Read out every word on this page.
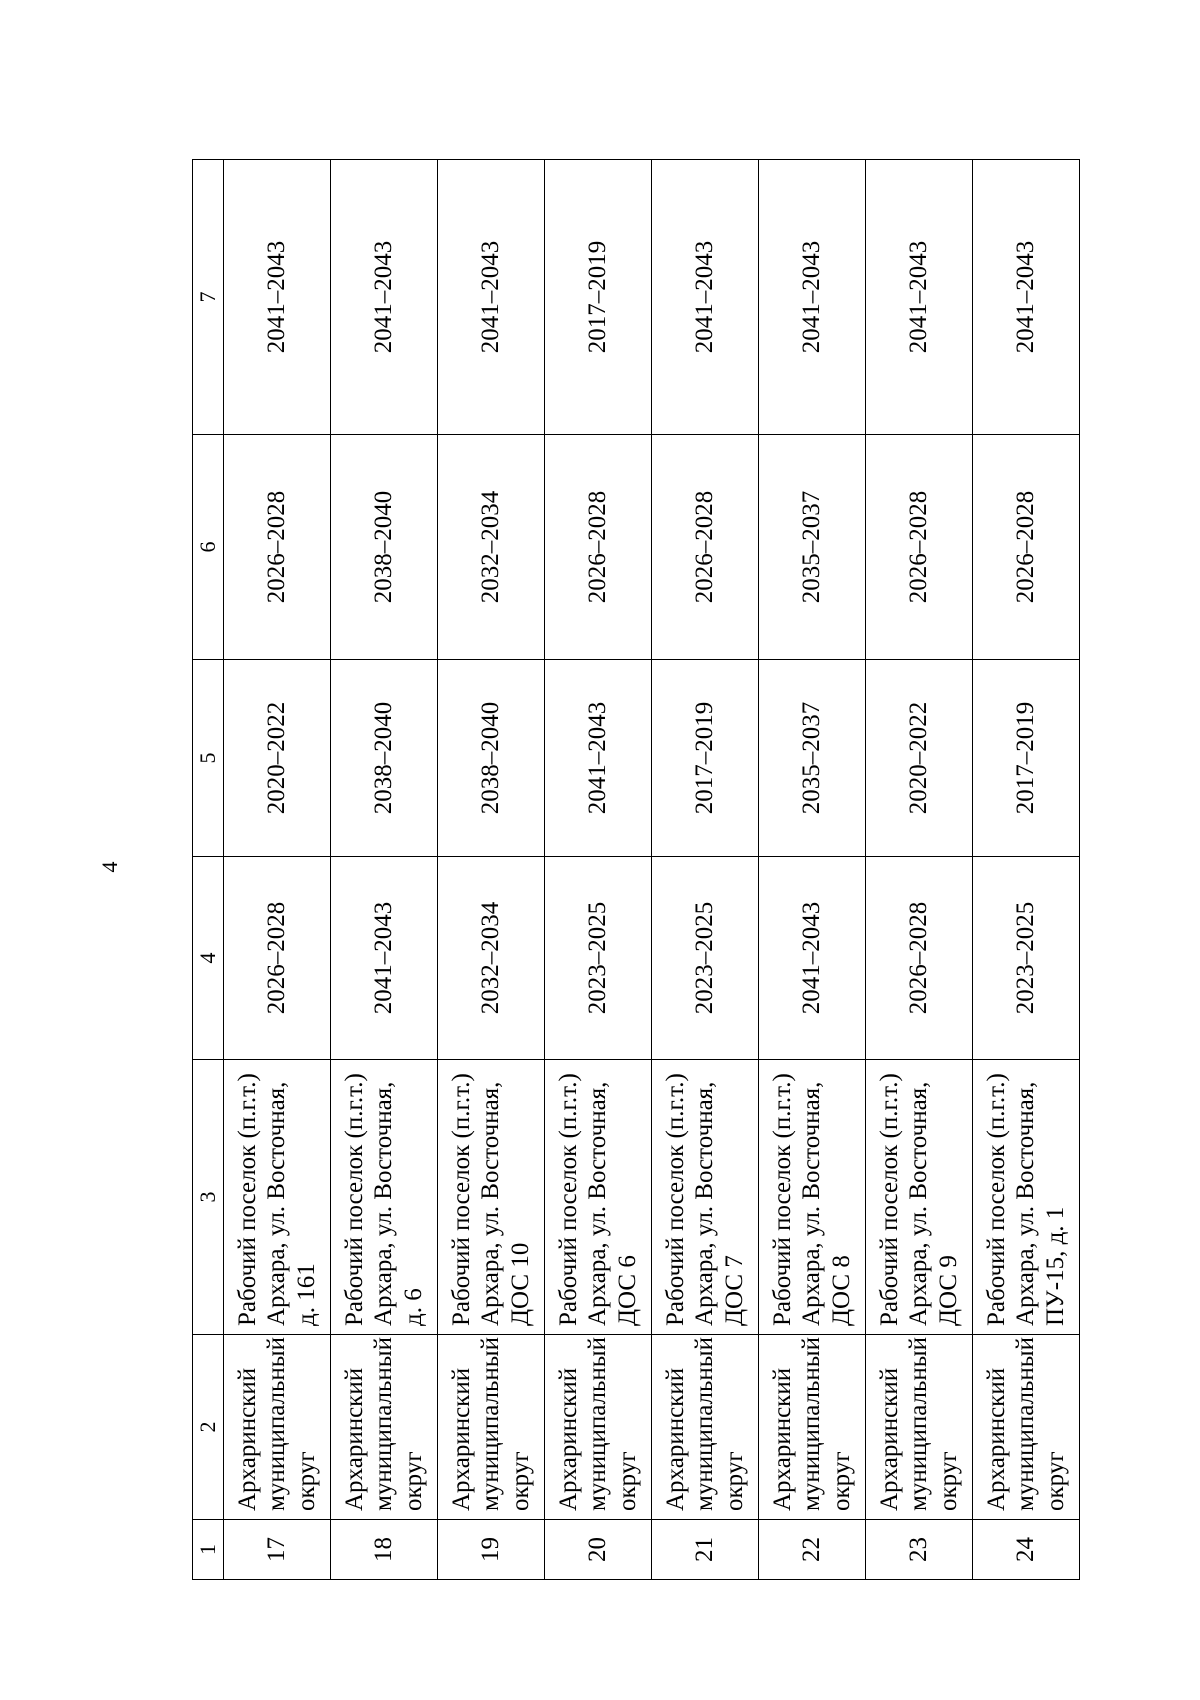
4
1	2	3	4	5	6	7
17	Архаринский муниципальный округ	Рабочий поселок (п.г.т.) Архара, ул. Восточная, д. 161	2026–2028	2020–2022	2026–2028	2041–2043
18	Архаринский муниципальный округ	Рабочий поселок (п.г.т.) Архара, ул. Восточная, д. 6	2041–2043	2038–2040	2038–2040	2041–2043
19	Архаринский муниципальный округ	Рабочий поселок (п.г.т.) Архара, ул. Восточная, ДОС 10	2032–2034	2038–2040	2032–2034	2041–2043
20	Архаринский муниципальный округ	Рабочий поселок (п.г.т.) Архара, ул. Восточная, ДОС 6	2023–2025	2041–2043	2026–2028	2017–2019
21	Архаринский муниципальный округ	Рабочий поселок (п.г.т.) Архара, ул. Восточная, ДОС 7	2023–2025	2017–2019	2026–2028	2041–2043
22	Архаринский муниципальный округ	Рабочий поселок (п.г.т.) Архара, ул. Восточная, ДОС 8	2041–2043	2035–2037	2035–2037	2041–2043
23	Архаринский муниципальный округ	Рабочий поселок (п.г.т.) Архара, ул. Восточная, ДОС 9	2026–2028	2020–2022	2026–2028	2041–2043
24	Архаринский муниципальный округ	Рабочий поселок (п.г.т.) Архара, ул. Восточная, ПУ-15, д. 1	2023–2025	2017–2019	2026–2028	2041–2043
